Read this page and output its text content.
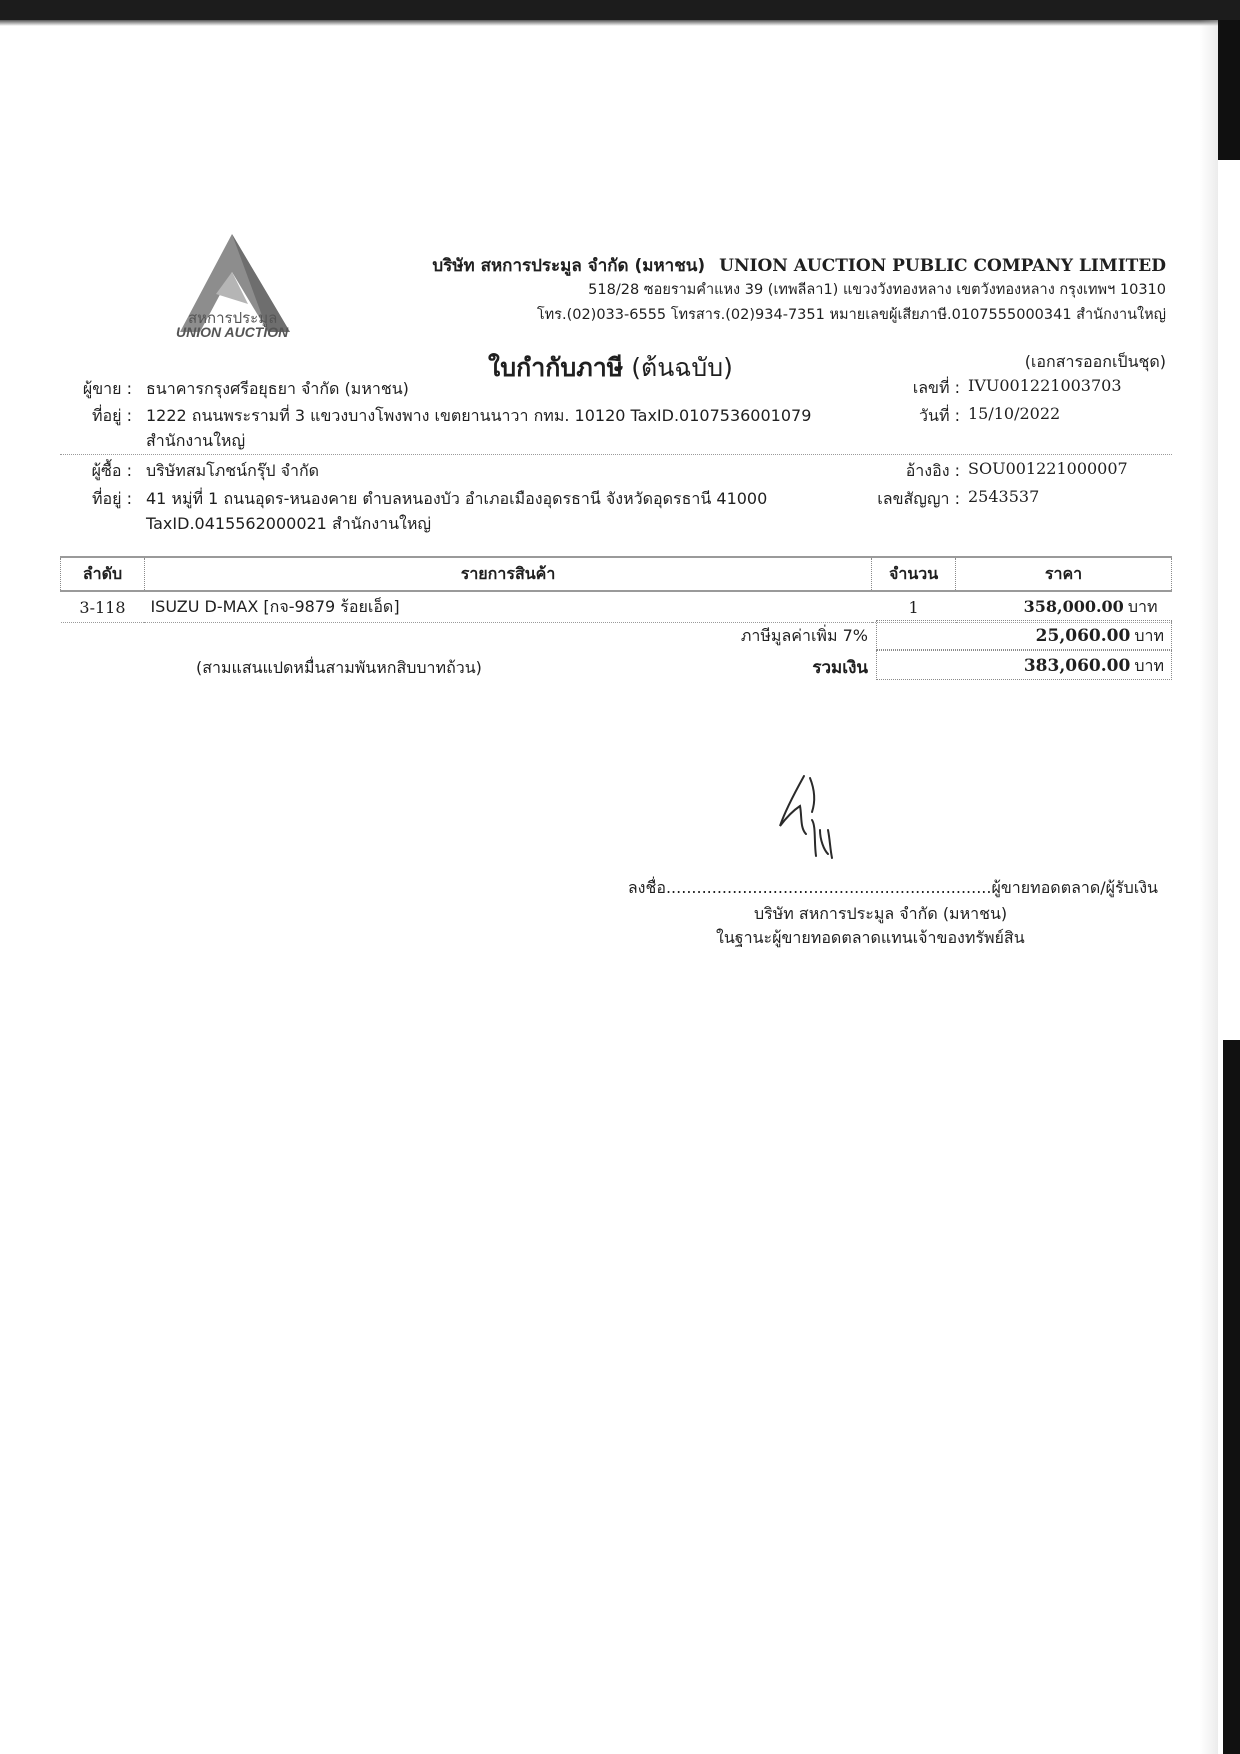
สหการประมูล
UNION AUCTION
บริษัท สหการประมูล จำกัด (มหาชน) UNION AUCTION PUBLIC COMPANY LIMITED
518/28 ซอยรามคำแหง 39 (เทพลีลา1) แขวงวังทองหลาง เขตวังทองหลาง กรุงเทพฯ 10310
โทร.(02)033-6555 โทรสาร.(02)934-7351 หมายเลขผู้เสียภาษี.0107555000341 สำนักงานใหญ่
ใบกำกับภาษี (ต้นฉบับ)	(เอกสารออกเป็นชุด)
ผู้ขาย : ธนาคารกรุงศรีอยุธยา จำกัด (มหาชน)
ที่อยู่ : 1222 ถนนพระรามที่ 3 แขวงบางโพงพาง เขตยานนาวา กทม. 10120 TaxID.0107536001079
สำนักงานใหญ่
เลขที่ : IVU001221003703
วันที่ : 15/10/2022
ผู้ซื้อ : บริษัทสมโภชน์กรุ๊ป จำกัด
ที่อยู่ : 41 หมู่ที่ 1 ถนนอุดร-หนองคาย ตำบลหนองบัว อำเภอเมืองอุดรธานี จังหวัดอุดรธานี 41000
TaxID.0415562000021 สำนักงานใหญ่
อ้างอิง : SOU001221000007
เลขสัญญา : 2543537
ลำดับ	รายการสินค้า	จำนวน	ราคา
3-118	ISUZU D-MAX [กจ-9879 ร้อยเอ็ด]	1	358,000.00 บาท
ภาษีมูลค่าเพิ่ม 7%	25,060.00 บาท
(สามแสนแปดหมื่นสามพันหกสิบบาทถ้วน)	รวมเงิน	383,060.00 บาท
ลงชื่อ................................................................ผู้ขายทอดตลาด/ผู้รับเงิน
บริษัท สหการประมูล จำกัด (มหาชน)
ในฐานะผู้ขายทอดตลาดแทนเจ้าของทรัพย์สิน
